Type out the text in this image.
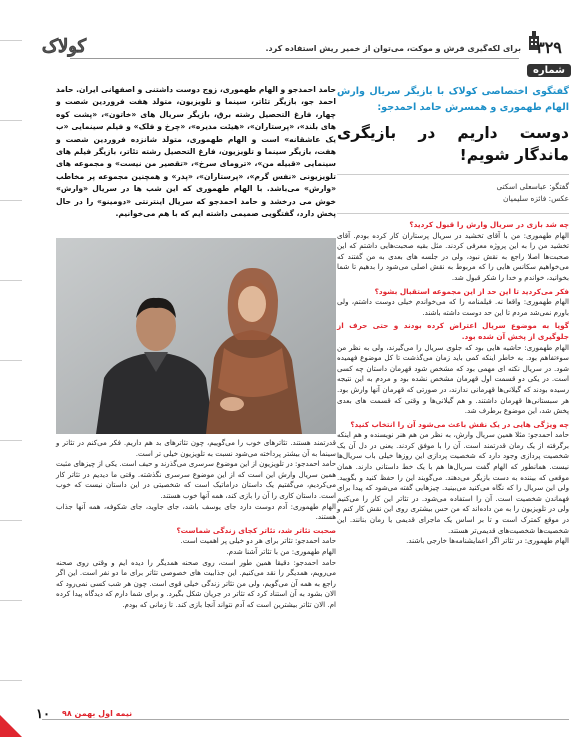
برای لکه‌گیری فرش و موکت، می‌توان از خمیر ریش استفاده کرد.
کولاک	۳۲۹
شماره
گفتگوی اختصاصی کولاک با بازیگر سریال وارش الهام طهموری و همسرش حامد احمدجو:
دوست داریم در بازیگری ماندگار شویم!
گفتگو: عباسعلی اسکتی
عکس: فائزه سلیمیان
چه شد بازی در سریال وارش را قبول کردید؟
الهام طهموری: من با آقای تخشید در سریال پرستاران کار کرده بودم. آقای تخشید من را به این پروژه معرفی کردند. مثل بقیه صحبت‌هایی داشتم که این صحبت‌ها اصلا راجع به نقش نبود، ولی در جلسه های بعدی به من گفتند که می‌خواهیم سکانس هایی را که مربوط به نقش اصلی می‌شود را بدهیم تا شما بخوانید، خواندم و خدا را شکر قبول شد.
فکر می‌کردید تا این حد از این مجموعه استقبال بشود؟
الهام طهموری: واقعا نه. فیلمنامه را که می‌خواندم خیلی دوست داشتم، ولی باورم نمی‌شد مردم تا این حد دوست داشته باشند.
گویا به موضوع سریال اعتراض کرده بودند و حتی حرف از جلوگیری از پخش آن شده بود.
الهام طهموری: حاشیه هایی بود که جلوی سریال را می‌گیرند، ولی به نظر من سوءتفاهم بود. به خاطر اینکه کمی باید زمان می‌گذشت تا کل موضوع فهمیده شود. در سریال نکته ای مهمی بود که مشخص شود قهرمان داستان چه کسی است. در یکی دو قسمت اول قهرمان مشخص نشده بود و مردم به این نتیجه رسیده بودند که گیلانی‌ها قهرمانی ندارند، در صورتی که قهرمان آنها وارش بود. هر سبستانی‌ها قهرمان داشتند. و هم گیلانی‌ها و وقتی که قسمت های بعدی پخش شد، این موضوع برطرف شد.
چه ویژگی هایی در یک نقش باعث می‌شود آن را انتخاب کنید؟
حامد احمدجو: مثلا همین سریال وارش، به نظر من هم هنر نویسنده و هم اینکه برگرفته از یک رمان قدرتمند است. آن را با موفق کردند. یعنی در دل آن یک شخصیت پردازی وجود دارد که شخصیت پردازی این روزها خیلی باب سریال‌ها نیست. همانطور که الهام گفت سریال‌ها هم با یک خط داستانی دارند. همان موقعی که بیننده به دست بازیگر می‌دهند. می‌گویند این را حفظ کنید و بگویید. ولی این سریال را که نگاه می‌کنید می‌بینید. چیزهایی گفته می‌شود که پیدا برای فهماندن شخصیت است. آن را استفاده می‌شود. در تئاتر این کار را می‌کنیم ولی در تلویزیون را به من داده‌اند که من حس بیشتری روی این نقش کار کنم و در موقع کمترک است و تا بر اساس یک ماجرای قدیمی یا رمان بنانند. این شخصیت‌ها شخصیت‌های قدیمی‌تر هستند.
الهام طهموری: در تئاتر اگر اعمایشنامه‌ها خارجی باشند.
حامد احمدجو و الهام طهموری، زوج دوست داشتنی و اصفهانی ایران. حامد احمد جو، بازیگر تئاتر، سینما و تلویزیون، متولد هفت فروردین شصت و چهار، فارغ التحصیل رشته برق، بازیگر سریال های «خاتون»، «پشت کوه های بلند»، «پرستاران»، «هیئت مدیره»، «چرخ و فلک» و فیلم سینمایی «ب یک عاشقانه» است و الهام طهموری، متولد شانزده فروردین شصت و هفت، بازیگر سینما و تلویزیون، فارغ التحصیل رشته تئاتر، بازیگر فیلم های سینمایی «قبیله من»، «ترومای سرخ»، «تقصیر من نیست» و مجموعه های تلویزیونی «نفس گرم»، «پرستاران»، «پدر» و همچنین مجموعه پر مخاطب «وارش» می‌باشد. با الهام طهموری که این شب ها در سریال «وارش» خوش می درخشد و حامد احمدجو که سریال اینترنتی «دومینو» را در حال پخش دارد، گفتگویی صمیمی داشته ایم که با هم می‌خوانیم.
قدرتمند هستند. تئاترهای خوب را می‌گوییم، چون تئاترهای بد هم داریم. فکر می‌کنم در تئاتر و سینما به آن بیشتر پرداخته می‌شود نسبت به تلویزیون خیلی تر است.
حامد احمدجو: در تلویزیون از این موضوع سرسری می‌گذرند و حیف است. یکی از چیزهای مثبت همین سریال وارش این است که از این موضوع سرسری نگذشته. وقتی ما ديدیم در تئاتر کار می‌کردیم، می‌گفتیم یک داستان دراماتیک است که شخصیتی در این داستان نیست که خوب است. داستان کاری را آن را بازی کند، همه آنها خوب هستند.
الهام طهموری: آدم دوست دارد جای یوسف باشد، جای جاوید، جای شکوفه، همه آنها جذاب هستند.
صحبت تئاتر شد، تئاتر کجای زندگی شماست؟
حامد احمدجو: تئاتر برای هر دو خیلی پر اهمیت است.
الهام طهموری: من با تئاتر آشنا شدم.
حامد احمدجو: دقیقا همین طور است، روی صحنه همدیگر را دیده ایم و وقتی روی صحنه می‌رویم، همدیگر را نقد می‌کنیم. این جذابیت های خصوصی تئاتر برای ما دو نفر است. این اگر راجع به همه آن می‌گویم، ولی من تئاتر زندگی خیلی قوی است. چون هر شب کسی نمی‌رود که الان بشود به آن استناد کرد که تئاتر در جریان شکل بگیرد. و برای شما دارم که دیدگاه پیدا کرده ام. الان تئاتر بیشترین است که آدم نتواند آنجا بازی کند. تا زمانی که بودم.
۱۰ نیمه اول بهمن ۹۸
